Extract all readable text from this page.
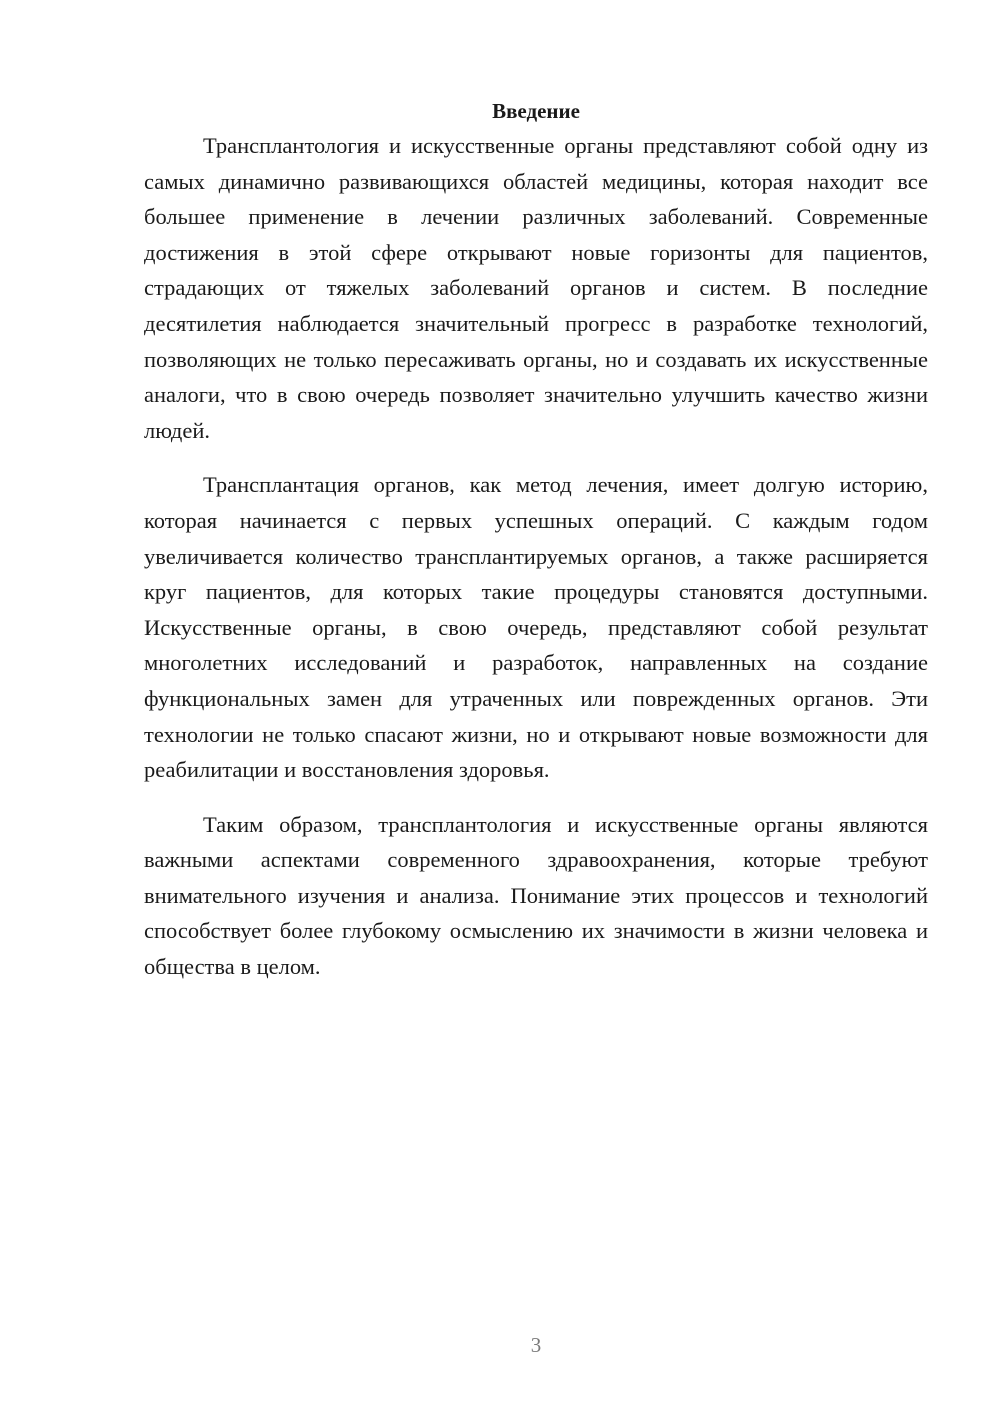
Введение

Трансплантология и искусственные органы представляют собой одну из самых динамично развивающихся областей медицины, которая находит все большее применение в лечении различных заболеваний. Современные достижения в этой сфере открывают новые горизонты для пациентов, страдающих от тяжелых заболеваний органов и систем. В последние десятилетия наблюдается значительный прогресс в разработке технологий, позволяющих не только пересаживать органы, но и создавать их искусственные аналоги, что в свою очередь позволяет значительно улучшить качество жизни людей.

Трансплантация органов, как метод лечения, имеет долгую историю, которая начинается с первых успешных операций. С каждым годом увеличивается количество трансплантируемых органов, а также расширяется круг пациентов, для которых такие процедуры становятся доступными. Искусственные органы, в свою очередь, представляют собой результат многолетних исследований и разработок, направленных на создание функциональных замен для утраченных или поврежденных органов. Эти технологии не только спасают жизни, но и открывают новые возможности для реабилитации и восстановления здоровья.

Таким образом, трансплантология и искусственные органы являются важными аспектами современного здравоохранения, которые требуют внимательного изучения и анализа. Понимание этих процессов и технологий способствует более глубокому осмыслению их значимости в жизни человека и общества в целом.

3
